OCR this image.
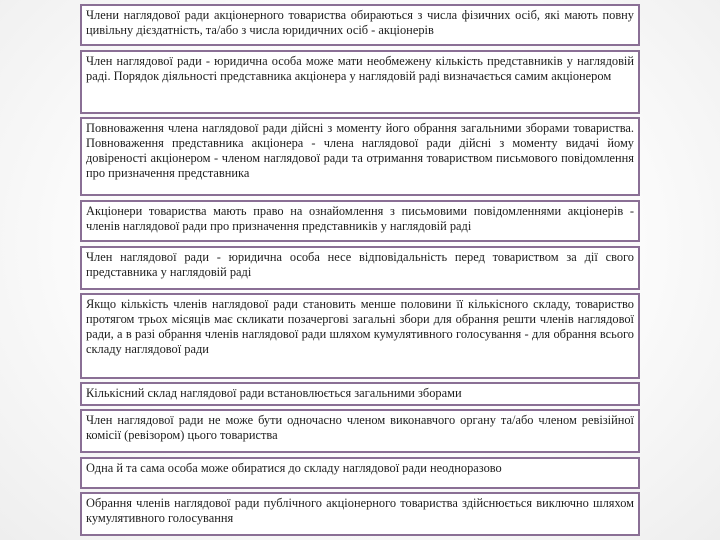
Члени наглядової ради акціонерного товариства обираються з числа фізичних осіб, які мають повну цивільну дієздатність, та/або з числа юридичних осіб - акціонерів
Член наглядової ради - юридична особа може мати необмежену кількість представників у наглядовій раді. Порядок діяльності представника акціонера у наглядовій раді визначається самим акціонером
Повноваження члена наглядової ради дійсні з моменту його обрання загальними зборами товариства. Повноваження представника акціонера - члена наглядової ради дійсні з моменту видачі йому довіреності акціонером - членом наглядової ради та отримання товариством письмового повідомлення про призначення представника
Акціонери товариства мають право на ознайомлення з письмовими повідомленнями акціонерів - членів наглядової ради про призначення представників у наглядовій раді
Член наглядової ради - юридична особа несе відповідальність перед товариством за дії свого представника у наглядовій раді
Якщо кількість членів наглядової ради становить менше половини її кількісного складу, товариство протягом трьох місяців має скликати позачергові загальні збори для обрання решти членів наглядової ради, а в разі обрання членів наглядової ради шляхом кумулятивного голосування - для обрання всього складу наглядової ради
Кількісний склад наглядової ради встановлюється загальними зборами
Член наглядової ради не може бути одночасно членом виконавчого органу та/або членом ревізійної комісії (ревізором) цього товариства
Одна й та сама особа може обиратися до складу наглядової ради неодноразово
Обрання членів наглядової ради публічного акціонерного товариства здійснюється виключно шляхом кумулятивного голосування
